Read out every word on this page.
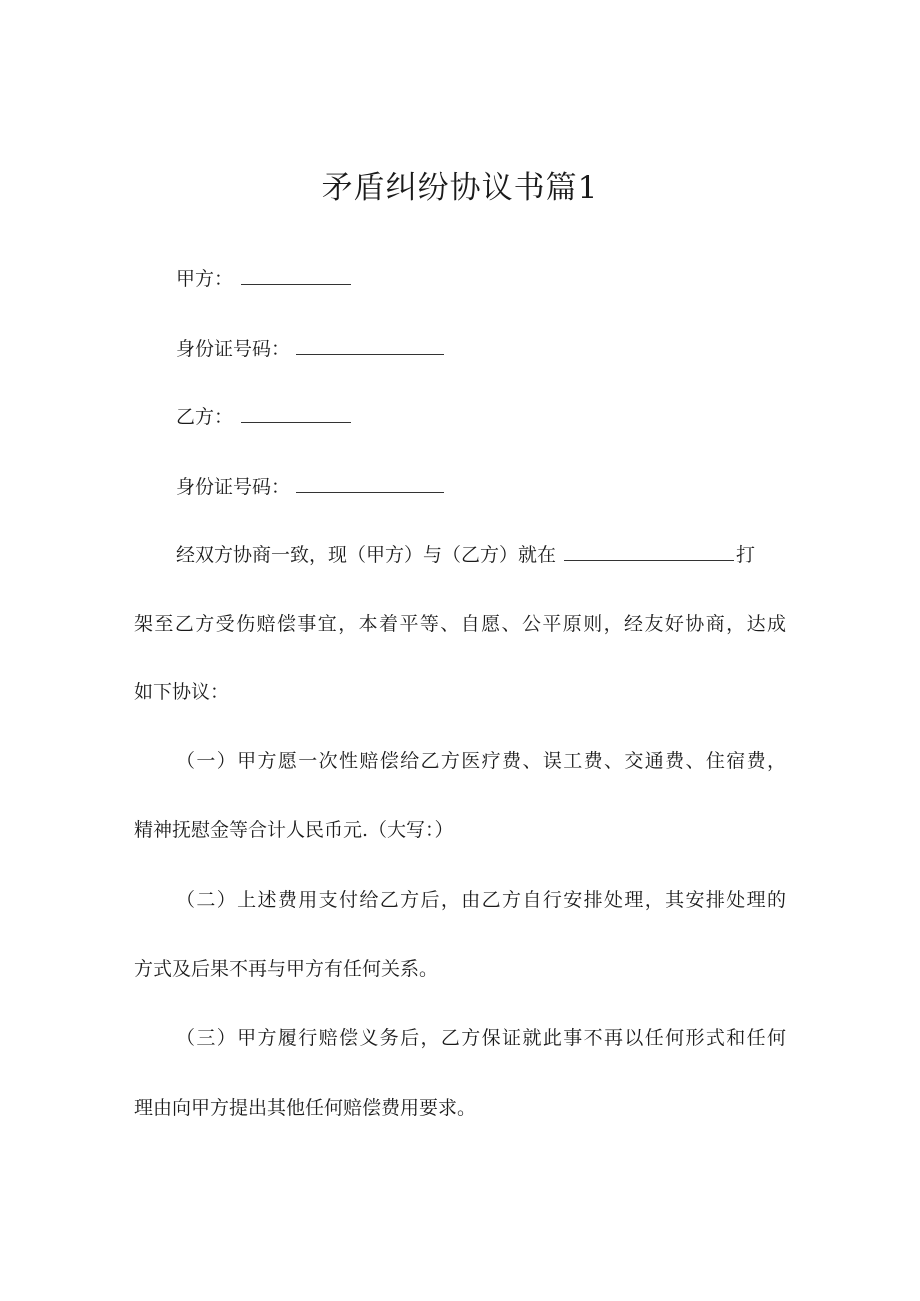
矛盾纠纷协议书篇1

甲方：

身份证号码：

乙方：

身份证号码：

经双方协商一致，现（甲方）与（乙方）就在	打

架至乙方受伤赔偿事宜，本着平等、自愿、公平原则，经友好协商，达成

如下协议：

（一）甲方愿一次性赔偿给乙方医疗费、误工费、交通费、住宿费，

精神抚慰金等合计人民币元.（大写：）

（二）上述费用支付给乙方后，由乙方自行安排处理，其安排处理的

方式及后果不再与甲方有任何关系。

（三）甲方履行赔偿义务后，乙方保证就此事不再以任何形式和任何

理由向甲方提出其他任何赔偿费用要求。
